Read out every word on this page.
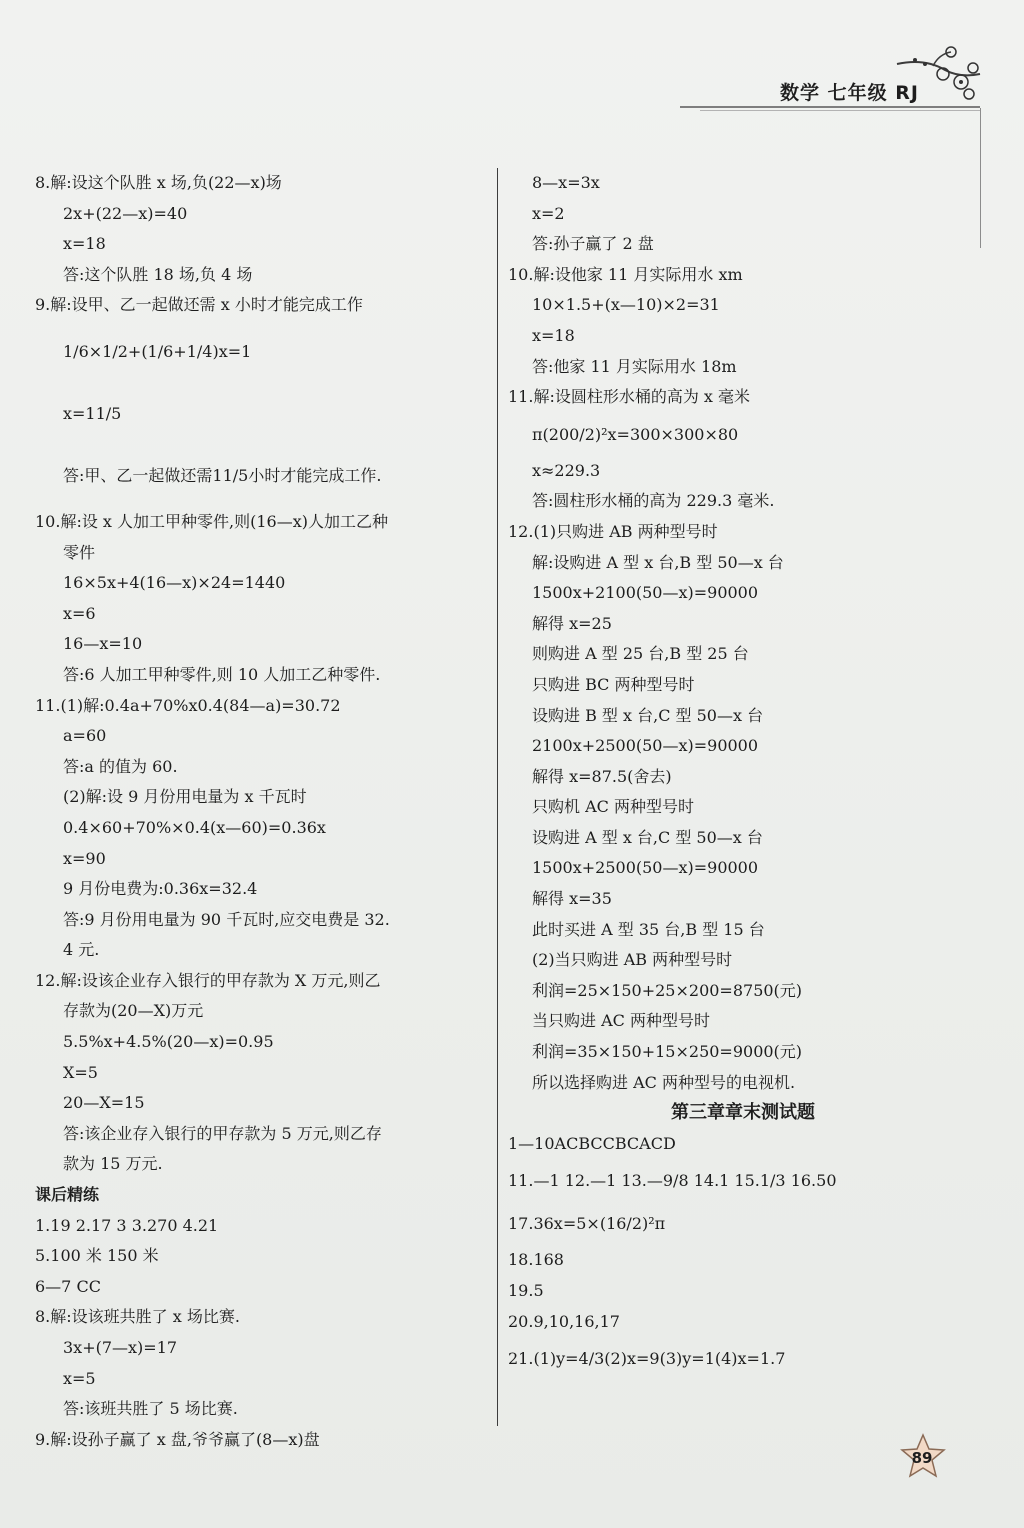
数学 七年级 RJ
8.解:设这个队胜 x 场,负(22—x)场
2x+(22—x)=40
x=18
答:这个队胜 18 场,负 4 场
9.解:设甲、乙一起做还需 x 小时才能完成工作
1/6×1/2+(1/6+1/4)x=1
x=11/5
答:甲、乙一起做还需11/5小时才能完成工作.
10.解:设 x 人加工甲种零件,则(16—x)人加工乙种
零件
16×5x+4(16—x)×24=1440
x=6
16—x=10
答:6 人加工甲种零件,则 10 人加工乙种零件.
11.(1)解:0.4a+70%x0.4(84—a)=30.72
a=60
答:a 的值为 60.
(2)解:设 9 月份用电量为 x 千瓦时
0.4×60+70%×0.4(x—60)=0.36x
x=90
9 月份电费为:0.36x=32.4
答:9 月份用电量为 90 千瓦时,应交电费是 32.
4 元.
12.解:设该企业存入银行的甲存款为 X 万元,则乙
存款为(20—X)万元
5.5%x+4.5%(20—x)=0.95
X=5
20—X=15
答:该企业存入银行的甲存款为 5 万元,则乙存
款为 15 万元.
课后精练
1.19 2.17 3 3.270 4.21
5.100 米 150 米
6—7 CC
8.解:设该班共胜了 x 场比赛.
3x+(7—x)=17
x=5
答:该班共胜了 5 场比赛.
9.解:设孙子赢了 x 盘,爷爷赢了(8—x)盘
8—x=3x
x=2
答:孙子赢了 2 盘
10.解:设他家 11 月实际用水 xm
10×1.5+(x—10)×2=31
x=18
答:他家 11 月实际用水 18m
11.解:设圆柱形水桶的高为 x 毫米
π(200/2)²x=300×300×80
x≈229.3
答:圆柱形水桶的高为 229.3 毫米.
12.(1)只购进 AB 两种型号时
解:设购进 A 型 x 台,B 型 50—x 台
1500x+2100(50—x)=90000
解得 x=25
则购进 A 型 25 台,B 型 25 台
只购进 BC 两种型号时
设购进 B 型 x 台,C 型 50—x 台
2100x+2500(50—x)=90000
解得 x=87.5(舍去)
只购机 AC 两种型号时
设购进 A 型 x 台,C 型 50—x 台
1500x+2500(50—x)=90000
解得 x=35
此时买进 A 型 35 台,B 型 15 台
(2)当只购进 AB 两种型号时
利润=25×150+25×200=8750(元)
当只购进 AC 两种型号时
利润=35×150+15×250=9000(元)
所以选择购进 AC 两种型号的电视机.
第三章章末测试题
1—10ACBCCBCACD
11.—1 12.—1 13.—9/8 14.1 15.1/3 16.50
17.36x=5×(16/2)²π
18.168
19.5
20.9,10,16,17
21.(1)y=4/3(2)x=9(3)y=1(4)x=1.7
89
